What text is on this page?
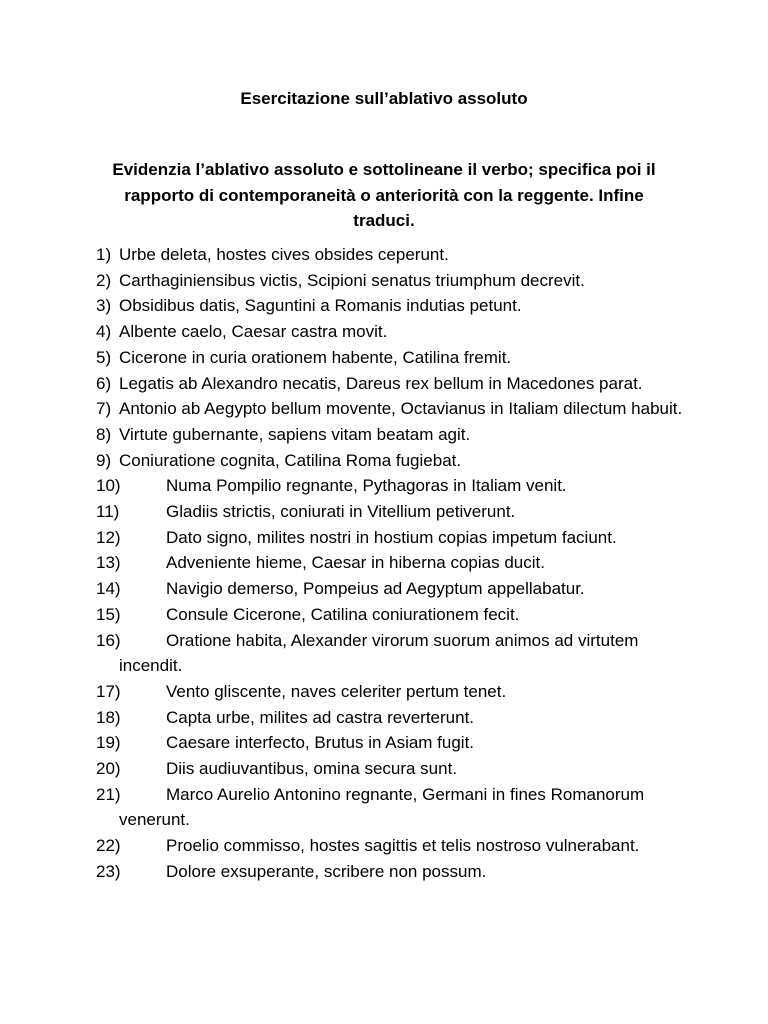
Esercitazione sull’ablativo assoluto
Evidenzia l’ablativo assoluto e sottolineane il verbo; specifica poi il rapporto di contemporaneità o anteriorità con la reggente. Infine traduci.
1) Urbe deleta, hostes cives obsides ceperunt.
2) Carthaginiensibus victis, Scipioni senatus triumphum decrevit.
3) Obsidibus datis, Saguntini a Romanis indutias petunt.
4) Albente caelo, Caesar castra movit.
5) Cicerone in curia orationem habente, Catilina fremit.
6) Legatis ab Alexandro necatis, Dareus rex bellum in Macedones parat.
7) Antonio ab Aegypto bellum movente, Octavianus in Italiam dilectum habuit.
8) Virtute gubernante, sapiens vitam beatam agit.
9) Coniuratione cognita, Catilina Roma fugiebat.
10)	Numa Pompilio regnante, Pythagoras in Italiam venit.
11)	Gladiis strictis, coniurati in Vitellium petiverunt.
12)	Dato signo, milites nostri in hostium copias impetum faciunt.
13)	Adveniente hieme, Caesar in hiberna copias ducit.
14)	Navigio demerso, Pompeius ad Aegyptum appellabatur.
15)	Consule Cicerone, Catilina coniurationem fecit.
16)	Oratione habita, Alexander virorum suorum animos ad virtutem incendit.
17)	Vento gliscente, naves celeriter pertum tenet.
18)	Capta urbe, milites ad castra reverterunt.
19)	Caesare interfecto, Brutus in Asiam fugit.
20)	Diis audiuvantibus, omina secura sunt.
21)	Marco Aurelio Antonino regnante, Germani in fines Romanorum venerunt.
22)	Proelio commisso, hostes sagittis et telis nostroso vulnerabant.
23)	Dolore exsuperante, scribere non possum.
